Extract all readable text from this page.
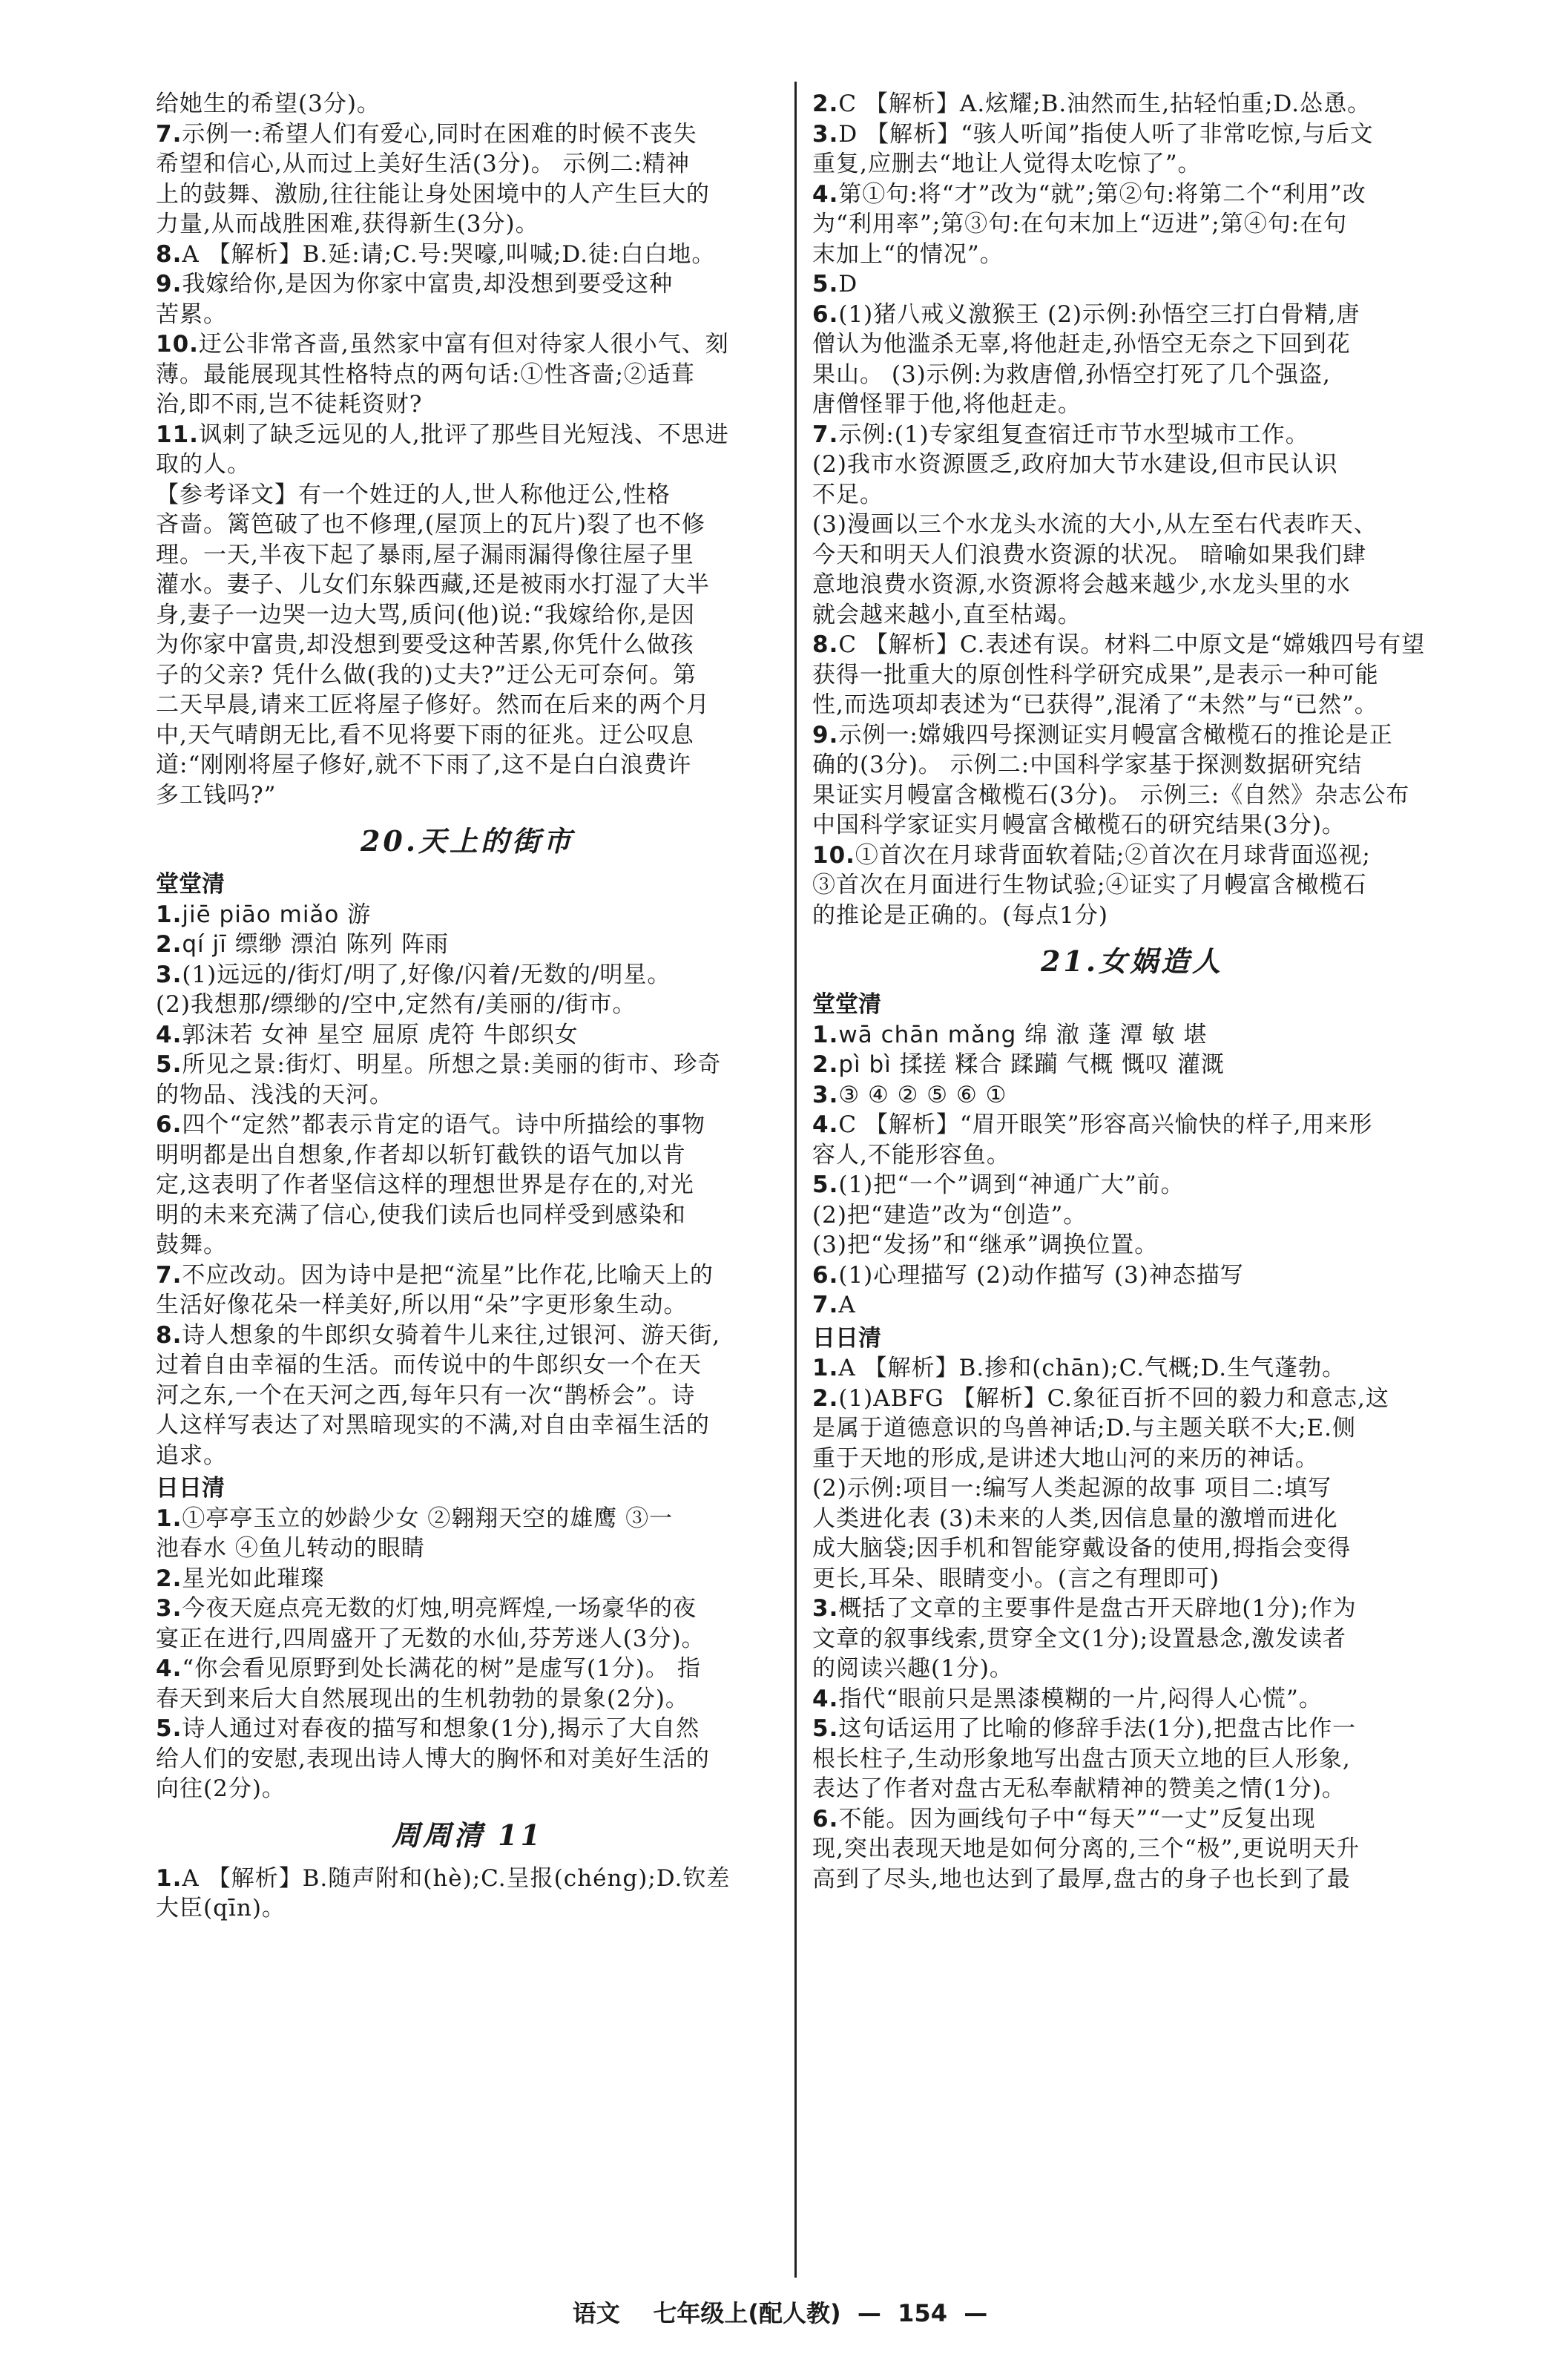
给她生的希望(3分)。
7.示例一:希望人们有爱心,同时在困难的时候不丧失
希望和信心,从而过上美好生活(3分)。 示例二:精神
上的鼓舞、激励,往往能让身处困境中的人产生巨大的
力量,从而战胜困难,获得新生(3分)。
8.A 【解析】B.延:请;C.号:哭嚎,叫喊;D.徒:白白地。
9.我嫁给你,是因为你家中富贵,却没想到要受这种
苦累。
10.迂公非常吝啬,虽然家中富有但对待家人很小气、刻
薄。最能展现其性格特点的两句话:①性吝啬;②适葺
治,即不雨,岂不徒耗资财?
11.讽刺了缺乏远见的人,批评了那些目光短浅、不思进
取的人。
【参考译文】有一个姓迂的人,世人称他迂公,性格
吝啬。篱笆破了也不修理,(屋顶上的瓦片)裂了也不修
理。一天,半夜下起了暴雨,屋子漏雨漏得像往屋子里
灌水。妻子、儿女们东躲西藏,还是被雨水打湿了大半
身,妻子一边哭一边大骂,质问(他)说:“我嫁给你,是因
为你家中富贵,却没想到要受这种苦累,你凭什么做孩
子的父亲? 凭什么做(我的)丈夫?”迂公无可奈何。第
二天早晨,请来工匠将屋子修好。然而在后来的两个月
中,天气晴朗无比,看不见将要下雨的征兆。迂公叹息
道:“刚刚将屋子修好,就不下雨了,这不是白白浪费许
多工钱吗?”
20.天上的街市
堂堂清
1.jiē piāo miǎo 游
2.qí jī 缥缈 漂泊 陈列 阵雨
3.(1)远远的/街灯/明了,好像/闪着/无数的/明星。
(2)我想那/缥缈的/空中,定然有/美丽的/街市。
4.郭沫若 女神 星空 屈原 虎符 牛郎织女
5.所见之景:街灯、明星。所想之景:美丽的街市、珍奇
的物品、浅浅的天河。
6.四个“定然”都表示肯定的语气。诗中所描绘的事物
明明都是出自想象,作者却以斩钉截铁的语气加以肯
定,这表明了作者坚信这样的理想世界是存在的,对光
明的未来充满了信心,使我们读后也同样受到感染和
鼓舞。
7.不应改动。因为诗中是把“流星”比作花,比喻天上的
生活好像花朵一样美好,所以用“朵”字更形象生动。
8.诗人想象的牛郎织女骑着牛儿来往,过银河、游天街,
过着自由幸福的生活。而传说中的牛郎织女一个在天
河之东,一个在天河之西,每年只有一次“鹊桥会”。诗
人这样写表达了对黑暗现实的不满,对自由幸福生活的
追求。
日日清
1.①亭亭玉立的妙龄少女 ②翱翔天空的雄鹰 ③一
池春水 ④鱼儿转动的眼睛
2.星光如此璀璨
3.今夜天庭点亮无数的灯烛,明亮辉煌,一场豪华的夜
宴正在进行,四周盛开了无数的水仙,芬芳迷人(3分)。
4.“你会看见原野到处长满花的树”是虚写(1分)。 指
春天到来后大自然展现出的生机勃勃的景象(2分)。
5.诗人通过对春夜的描写和想象(1分),揭示了大自然
给人们的安慰,表现出诗人博大的胸怀和对美好生活的
向往(2分)。
周周清 11
1.A 【解析】B.随声附和(hè);C.呈报(chéng);D.钦差
大臣(qīn)。
2.C 【解析】A.炫耀;B.油然而生,拈轻怕重;D.怂恿。
3.D 【解析】“骇人听闻”指使人听了非常吃惊,与后文
重复,应删去“地让人觉得太吃惊了”。
4.第①句:将“才”改为“就”;第②句:将第二个“利用”改
为“利用率”;第③句:在句末加上“迈进”;第④句:在句
末加上“的情况”。
5.D
6.(1)猪八戒义激猴王 (2)示例:孙悟空三打白骨精,唐
僧认为他滥杀无辜,将他赶走,孙悟空无奈之下回到花
果山。 (3)示例:为救唐僧,孙悟空打死了几个强盗,
唐僧怪罪于他,将他赶走。
7.示例:(1)专家组复查宿迁市节水型城市工作。
(2)我市水资源匮乏,政府加大节水建设,但市民认识
不足。
(3)漫画以三个水龙头水流的大小,从左至右代表昨天、
今天和明天人们浪费水资源的状况。 暗喻如果我们肆
意地浪费水资源,水资源将会越来越少,水龙头里的水
就会越来越小,直至枯竭。
8.C 【解析】C.表述有误。材料二中原文是“嫦娥四号有望
获得一批重大的原创性科学研究成果”,是表示一种可能
性,而选项却表述为“已获得”,混淆了“未然”与“已然”。
9.示例一:嫦娥四号探测证实月幔富含橄榄石的推论是正
确的(3分)。 示例二:中国科学家基于探测数据研究结
果证实月幔富含橄榄石(3分)。 示例三:《自然》杂志公布
中国科学家证实月幔富含橄榄石的研究结果(3分)。
10.①首次在月球背面软着陆;②首次在月球背面巡视;
③首次在月面进行生物试验;④证实了月幔富含橄榄石
的推论是正确的。(每点1分)
21.女娲造人
堂堂清
1.wā chān mǎng 绵 澈 蓬 潭 敏 堪
2.pì bì 揉搓 糅合 蹂躏 气概 慨叹 灌溉
3.③ ④ ② ⑤ ⑥ ①
4.C 【解析】“眉开眼笑”形容高兴愉快的样子,用来形
容人,不能形容鱼。
5.(1)把“一个”调到“神通广大”前。
(2)把“建造”改为“创造”。
(3)把“发扬”和“继承”调换位置。
6.(1)心理描写 (2)动作描写 (3)神态描写
7.A
日日清
1.A 【解析】B.掺和(chān);C.气概;D.生气蓬勃。
2.(1)ABFG 【解析】C.象征百折不回的毅力和意志,这
是属于道德意识的鸟兽神话;D.与主题关联不大;E.侧
重于天地的形成,是讲述大地山河的来历的神话。
(2)示例:项目一:编写人类起源的故事 项目二:填写
人类进化表 (3)未来的人类,因信息量的激增而进化
成大脑袋;因手机和智能穿戴设备的使用,拇指会变得
更长,耳朵、眼睛变小。(言之有理即可)
3.概括了文章的主要事件是盘古开天辟地(1分);作为
文章的叙事线索,贯穿全文(1分);设置悬念,激发读者
的阅读兴趣(1分)。
4.指代“眼前只是黑漆模糊的一片,闷得人心慌”。
5.这句话运用了比喻的修辞手法(1分),把盘古比作一
根长柱子,生动形象地写出盘古顶天立地的巨人形象,
表达了作者对盘古无私奉献精神的赞美之情(1分)。
6.不能。因为画线句子中“每天”“一丈”反复出现
现,突出表现天地是如何分离的,三个“极”,更说明天升
高到了尽头,地也达到了最厚,盘古的身子也长到了最
语文 七年级上(配人教)  —  154  —
